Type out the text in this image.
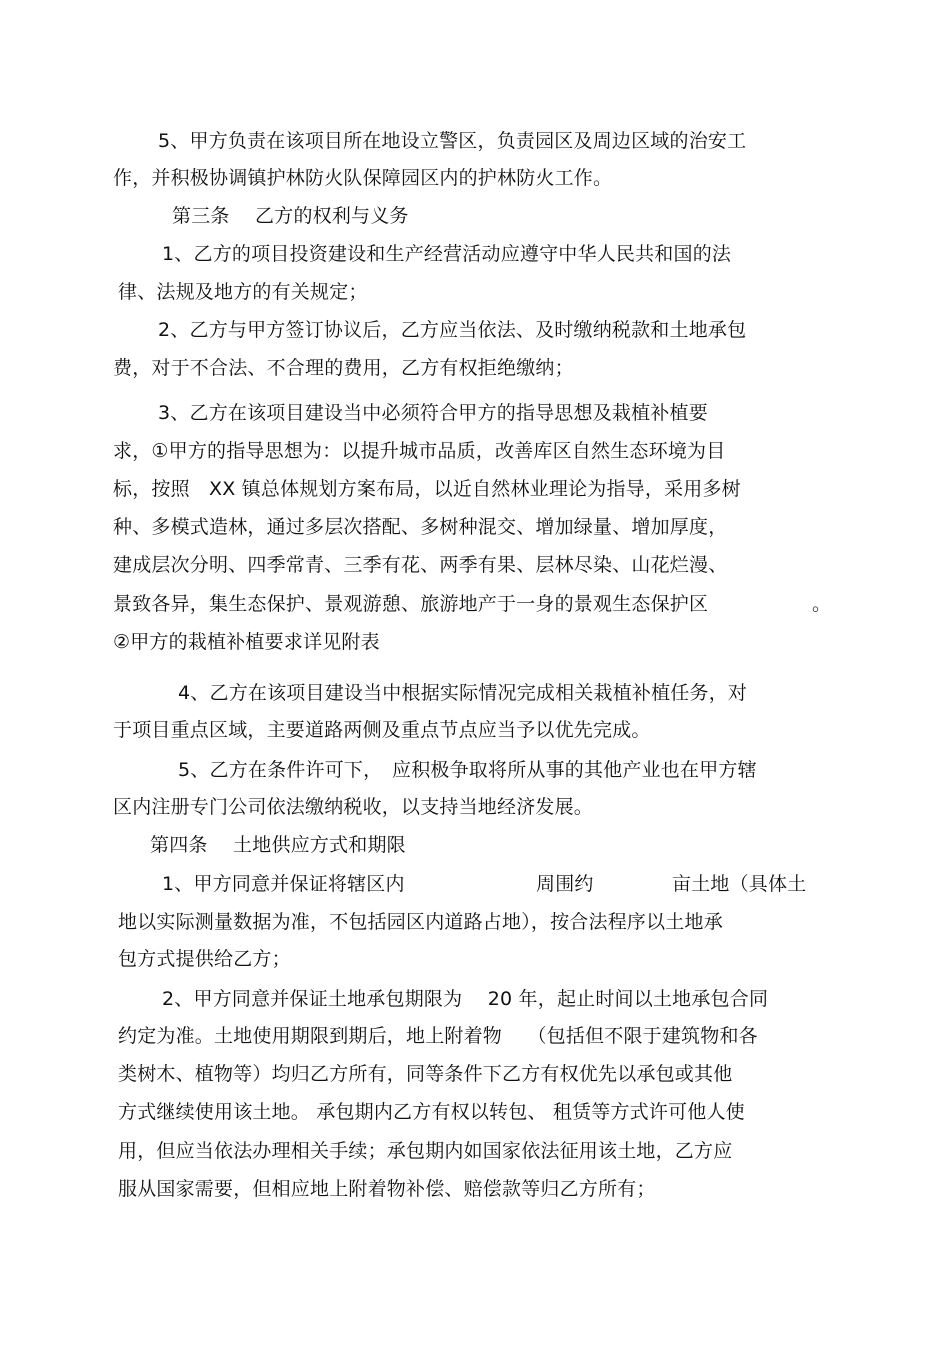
5、甲方负责在该项目所在地设立警区，负责园区及周边区域的治安工
作，并积极协调镇护林防火队保障园区内的护林防火工作。
第三条　 乙方的权利与义务
1、乙方的项目投资建设和生产经营活动应遵守中华人民共和国的法
律、法规及地方的有关规定；
2、乙方与甲方签订协议后，乙方应当依法、及时缴纳税款和土地承包
费，对于不合法、不合理的费用，乙方有权拒绝缴纳；
3、乙方在该项目建设当中必须符合甲方的指导思想及栽植补植要
求，①甲方的指导思想为：以提升城市品质，改善库区自然生态环境为目
标，按照　XX 镇总体规划方案布局，以近自然林业理论为指导，采用多树
种、多模式造林，通过多层次搭配、多树种混交、增加绿量、增加厚度，
建成层次分明、四季常青、三季有花、两季有果、层林尽染、山花烂漫、
景致各异，集生态保护、景观游憩、旅游地产于一身的景观生态保护区	。
②甲方的栽植补植要求详见附表
4、乙方在该项目建设当中根据实际情况完成相关栽植补植任务，对
于项目重点区域，主要道路两侧及重点节点应当予以优先完成。
5、乙方在条件许可下，　应积极争取将所从事的其他产业也在甲方辖
区内注册专门公司依法缴纳税收，以支持当地经济发展。
第四条　 土地供应方式和期限
1、甲方同意并保证将辖区内	周围约	亩土地（具体土
地以实际测量数据为准，不包括园区内道路占地），按合法程序以土地承
包方式提供给乙方；
2、甲方同意并保证土地承包期限为　 20 年，起止时间以土地承包合同
约定为准。土地使用期限到期后，地上附着物　 （包括但不限于建筑物和各
类树木、植物等）均归乙方所有，同等条件下乙方有权优先以承包或其他
方式继续使用该土地。 承包期内乙方有权以转包、 租赁等方式许可他人使
用，但应当依法办理相关手续；承包期内如国家依法征用该土地，乙方应
服从国家需要，但相应地上附着物补偿、赔偿款等归乙方所有；
